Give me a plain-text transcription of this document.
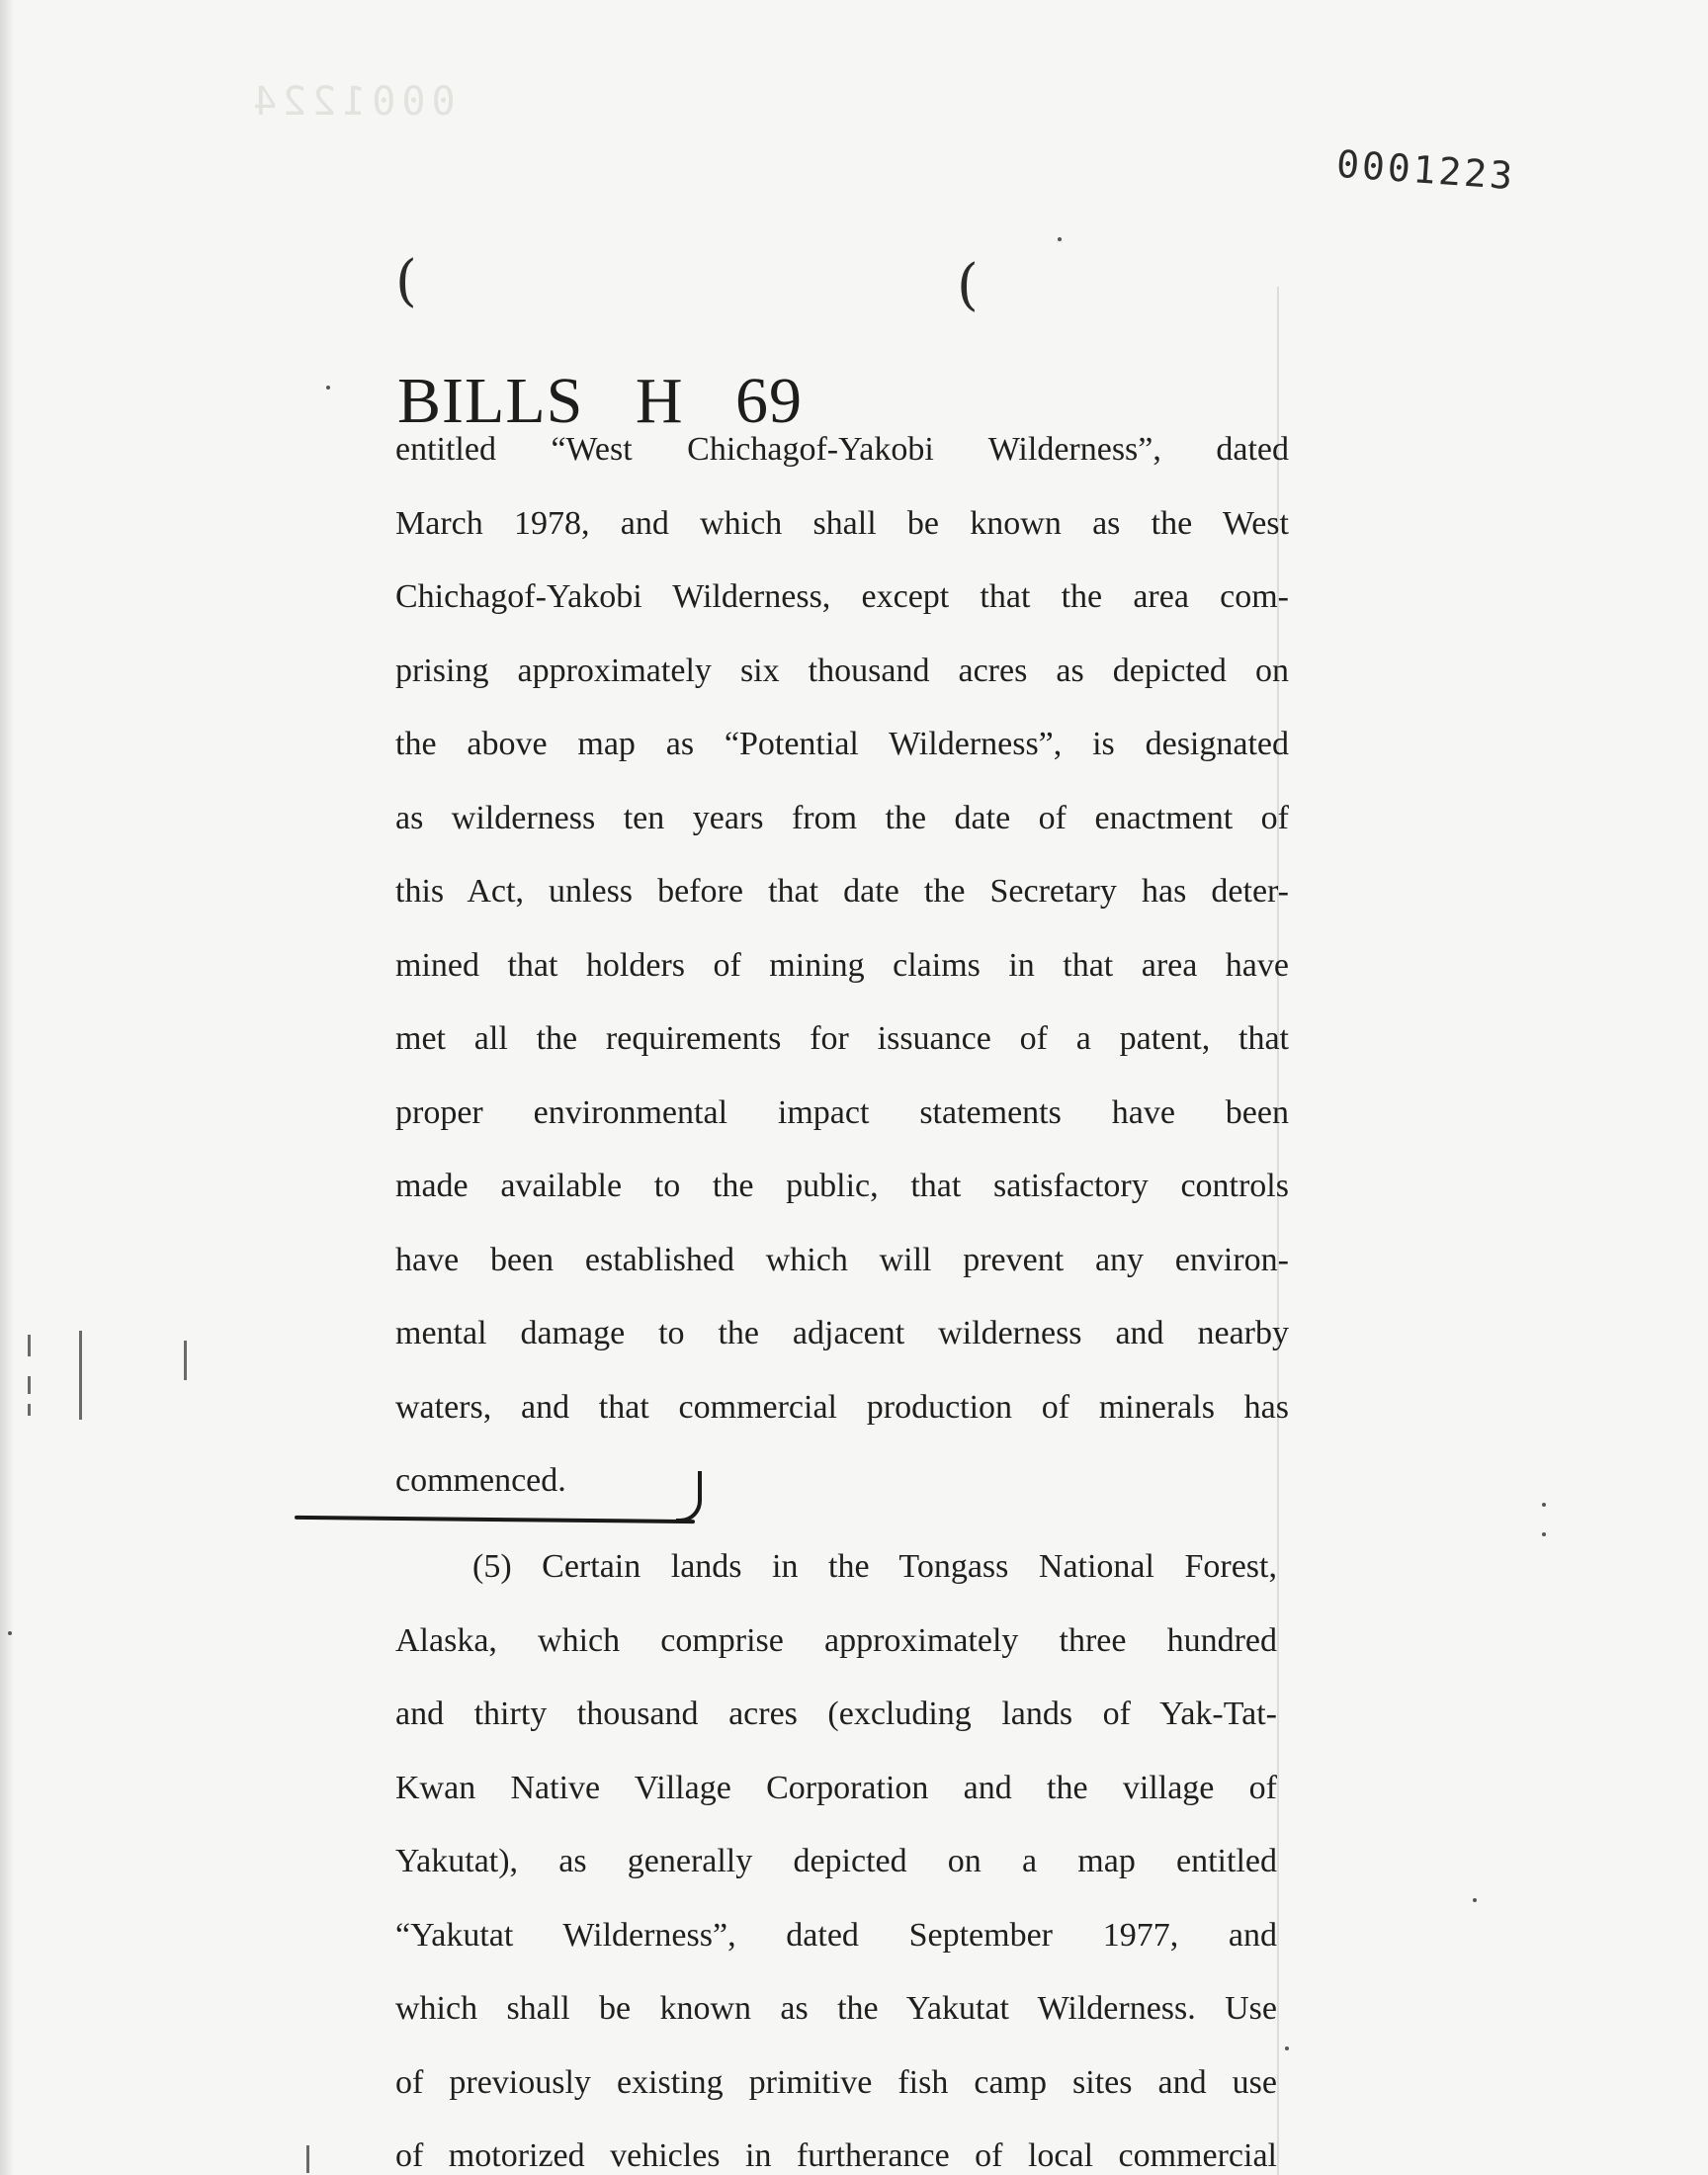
0001224
0001223
(	(
BILLS   H   69
entitled “West Chichagof-Yakobi Wilderness”, dated
March 1978, and which shall be known as the West
Chichagof-Yakobi Wilderness, except that the area com-
prising approximately six thousand acres as depicted on
the above map as “Potential Wilderness”, is designated
as wilderness ten years from the date of enactment of
this Act, unless before that date the Secretary has deter-
mined that holders of mining claims in that area have
met all the requirements for issuance of a patent, that
proper environmental impact statements have been
made available to the public, that satisfactory controls
have been established which will prevent any environ-
mental damage to the adjacent wilderness and nearby
waters, and that commercial production of minerals has
commenced.
(5) Certain lands in the Tongass National Forest,
Alaska, which comprise approximately three hundred
and thirty thousand acres (excluding lands of Yak-Tat-
Kwan Native Village Corporation and the village of
Yakutat), as generally depicted on a map entitled
“Yakutat Wilderness”, dated September 1977, and
which shall be known as the Yakutat Wilderness. Use
of previously existing primitive fish camp sites and use
of motorized vehicles in furtherance of local commercial
